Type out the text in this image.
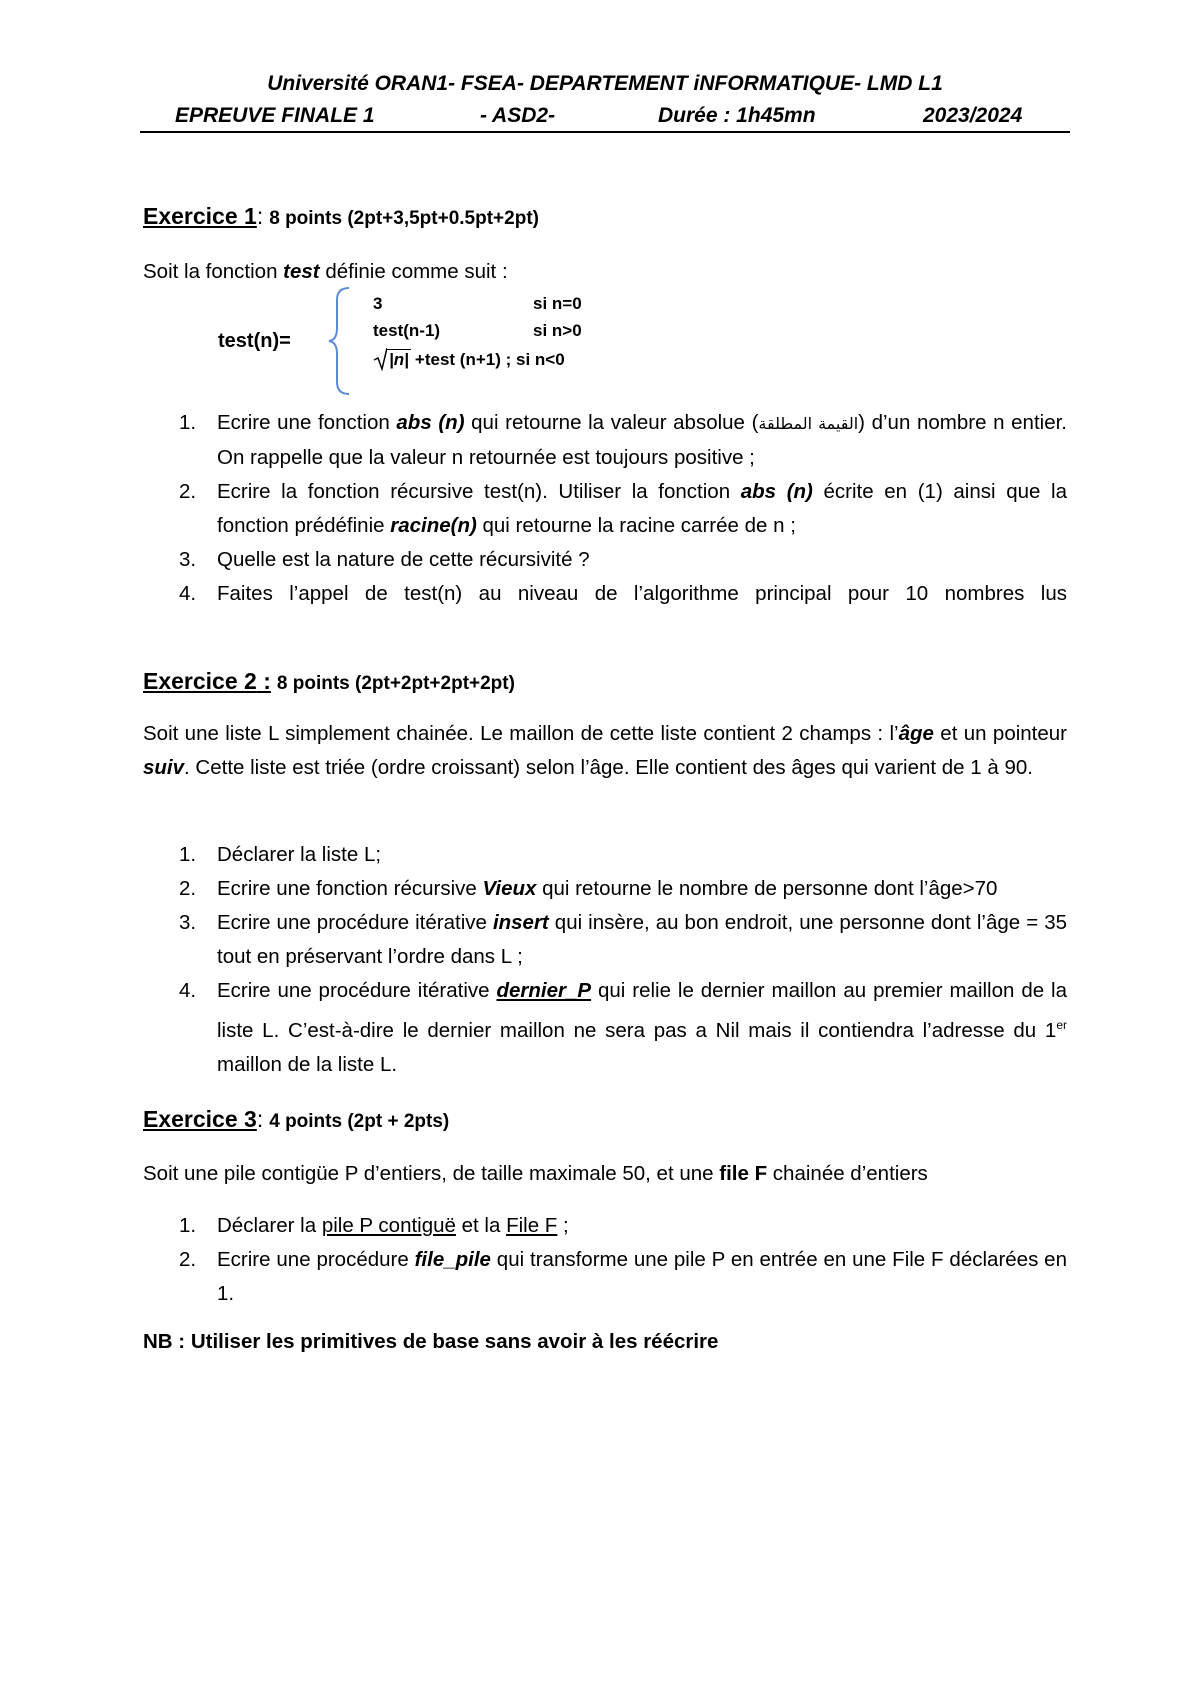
Université ORAN1- FSEA- DEPARTEMENT iNFORMATIQUE- LMD L1
EPREUVE FINALE 1	- ASD2-	Durée : 1h45mn	2023/2024
Exercice 1: 8 points (2pt+3,5pt+0.5pt+2pt)
Soit la fonction test définie comme suit :
test(n)=
3	si n=0
test(n-1)	si n>0
|n| +test (n+1) ; si n<0
1. Ecrire une fonction abs (n) qui retourne la valeur absolue (القيمة المطلقة) d’un nombre n entier. On rappelle que la valeur n retournée est toujours positive ;
2. Ecrire la fonction récursive test(n). Utiliser la fonction abs (n) écrite en (1) ainsi que la fonction prédéfinie racine(n) qui retourne la racine carrée de n ;
3. Quelle est la nature de cette récursivité ?
4. Faites l’appel de test(n) au niveau de l’algorithme principal pour 10 nombres lus
Exercice 2 : 8 points (2pt+2pt+2pt+2pt)
Soit une liste L simplement chainée. Le maillon de cette liste contient 2 champs : l’âge et un pointeur suiv. Cette liste est triée (ordre croissant) selon l’âge. Elle contient des âges qui varient de 1 à 90.
1. Déclarer la liste L;
2. Ecrire une fonction récursive Vieux qui retourne le nombre de personne dont l’âge>70
3. Ecrire une procédure itérative insert qui insère, au bon endroit, une personne dont l’âge = 35 tout en préservant l’ordre dans L ;
4. Ecrire une procédure itérative dernier_P qui relie le dernier maillon au premier maillon de la liste L. C’est-à-dire le dernier maillon ne sera pas a Nil mais il contiendra l’adresse du 1er maillon de la liste L.
Exercice 3: 4 points (2pt + 2pts)
Soit une pile contigüe P d’entiers, de taille maximale 50, et une file F chainée d’entiers
1. Déclarer la pile P contiguë et la File F ;
2. Ecrire une procédure file_pile qui transforme une pile P en entrée en une File F déclarées en 1.
NB : Utiliser les primitives de base sans avoir à les réécrire
